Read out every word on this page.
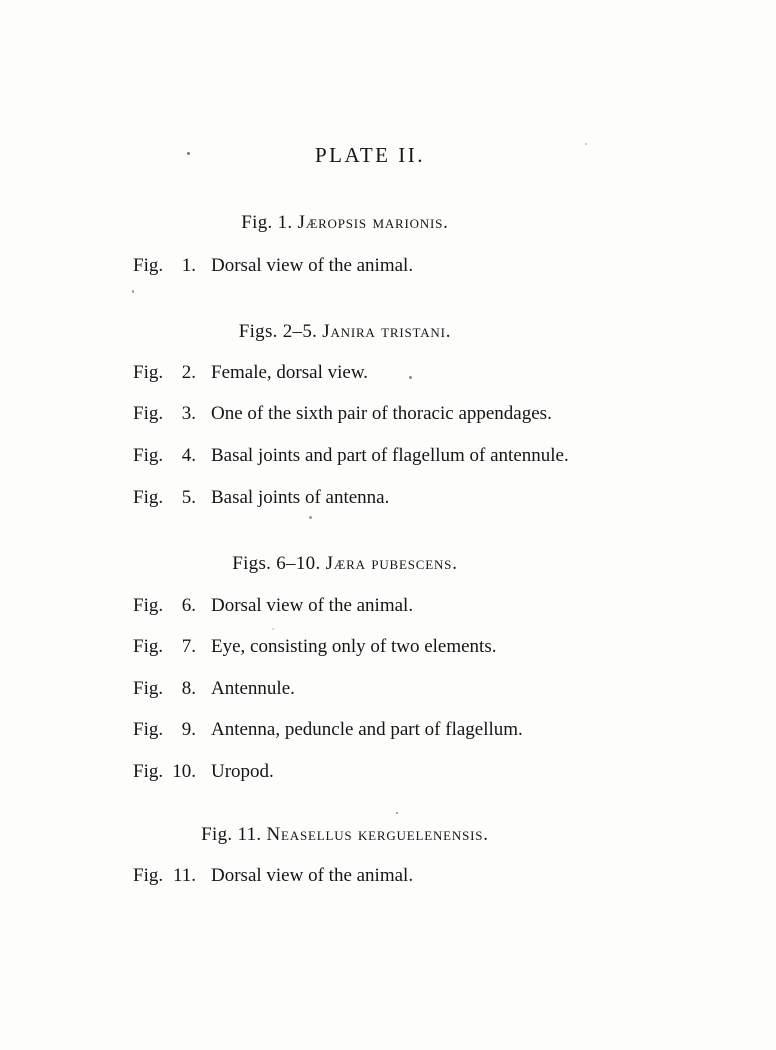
PLATE II.
Fig. 1. Jæropsis marionis.
Fig. 1. Dorsal view of the animal.
Figs. 2–5. Janira tristani.
Fig. 2. Female, dorsal view.
Fig. 3. One of the sixth pair of thoracic appendages.
Fig. 4. Basal joints and part of flagellum of antennule.
Fig. 5. Basal joints of antenna.
Figs. 6–10. Jæra pubescens.
Fig. 6. Dorsal view of the animal.
Fig. 7. Eye, consisting only of two elements.
Fig. 8. Antennule.
Fig. 9. Antenna, peduncle and part of flagellum.
Fig. 10. Uropod.
Fig. 11. Neasellus kerguelenensis.
Fig. 11. Dorsal view of the animal.
